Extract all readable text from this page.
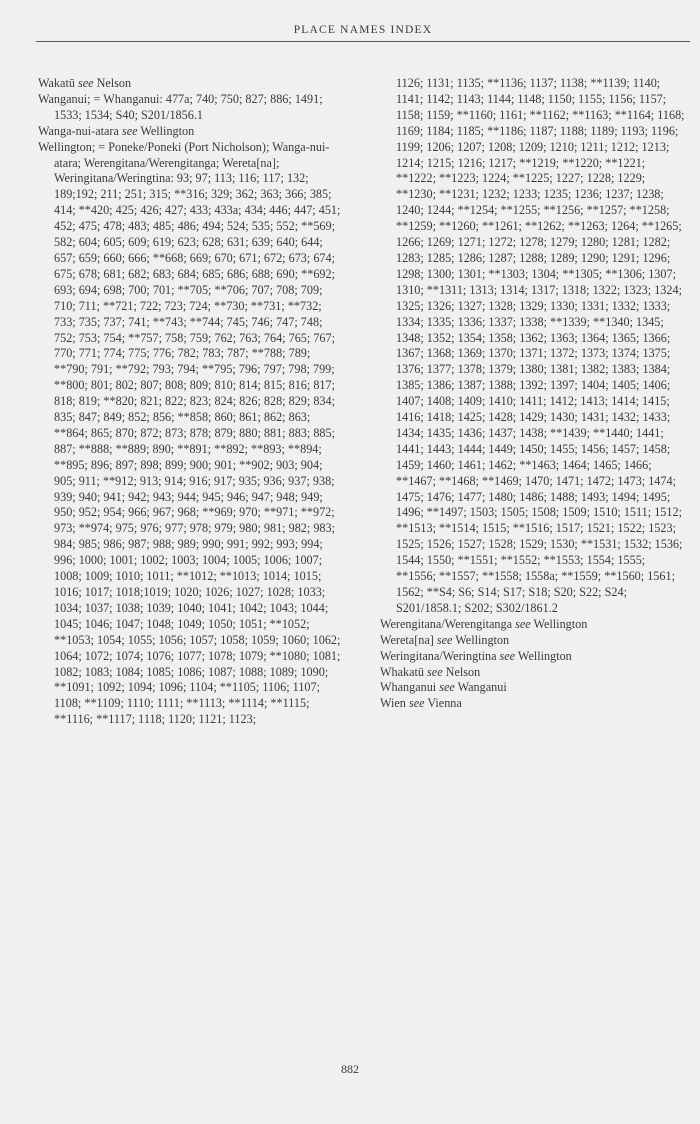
PLACE NAMES INDEX

Wakatū see Nelson

Wanganui; = Whanganui: 477a; 740; 750; 827; 886; 1491; 1533; 1534; S40; S201/1856.1

Wanga-nui-atara see Wellington

Wellington; = Poneke/Poneki (Port Nicholson); Wanga-nui-atara; Werengitana/Werengitanga; Wereta[na]; Weringitana/Weringtina: 93; 97; 113; 116; 117; 132; 189;192; 211; 251; 315; **316; 329; 362; 363; 366; 385; 414; **420; 425; 426; 427; 433; 433a; 434; 446; 447; 451; 452; 475; 478; 483; 485; 486; 494; 524; 535; 552; **569; 582; 604; 605; 609; 619; 623; 628; 631; 639; 640; 644; 657; 659; 660; 666; **668; 669; 670; 671; 672; 673; 674; 675; 678; 681; 682; 683; 684; 685; 686; 688; 690; **692; 693; 694; 698; 700; 701; **705; **706; 707; 708; 709; 710; 711; **721; 722; 723; 724; **730; **731; **732; 733; 735; 737; 741; **743; **744; 745; 746; 747; 748; 752; 753; 754; **757; 758; 759; 762; 763; 764; 765; 767; 770; 771; 774; 775; 776; 782; 783; 787; **788; 789; **790; 791; **792; 793; 794; **795; 796; 797; 798; 799; **800; 801; 802; 807; 808; 809; 810; 814; 815; 816; 817; 818; 819; **820; 821; 822; 823; 824; 826; 828; 829; 834; 835; 847; 849; 852; 856; **858; 860; 861; 862; 863; **864; 865; 870; 872; 873; 878; 879; 880; 881; 883; 885; 887; **888; **889; 890; **891; **892; **893; **894; **895; 896; 897; 898; 899; 900; 901; **902; 903; 904; 905; 911; **912; 913; 914; 916; 917; 935; 936; 937; 938; 939; 940; 941; 942; 943; 944; 945; 946; 947; 948; 949; 950; 952; 954; 966; 967; 968; **969; 970; **971; **972; 973; **974; 975; 976; 977; 978; 979; 980; 981; 982; 983; 984; 985; 986; 987; 988; 989; 990; 991; 992; 993; 994; 996; 1000; 1001; 1002; 1003; 1004; 1005; 1006; 1007; 1008; 1009; 1010; 1011; **1012; **1013; 1014; 1015; 1016; 1017; 1018;1019; 1020; 1026; 1027; 1028; 1033; 1034; 1037; 1038; 1039; 1040; 1041; 1042; 1043; 1044; 1045; 1046; 1047; 1048; 1049; 1050; 1051; **1052; **1053; 1054; 1055; 1056; 1057; 1058; 1059; 1060; 1062; 1064; 1072; 1074; 1076; 1077; 1078; 1079; **1080; 1081; 1082; 1083; 1084; 1085; 1086; 1087; 1088; 1089; 1090; **1091; 1092; 1094; 1096; 1104; **1105; 1106; 1107; 1108; **1109; 1110; 1111; **1113; **1114; **1115; **1116; **1117; 1118; 1120; 1121; 1123;

1126; 1131; 1135; **1136; 1137; 1138; **1139; 1140; 1141; 1142; 1143; 1144; 1148; 1150; 1155; 1156; 1157; 1158; 1159; **1160; 1161; **1162; **1163; **1164; 1168; 1169; 1184; 1185; **1186; 1187; 1188; 1189; 1193; 1196; 1199; 1206; 1207; 1208; 1209; 1210; 1211; 1212; 1213; 1214; 1215; 1216; 1217; **1219; **1220; **1221; **1222; **1223; 1224; **1225; 1227; 1228; 1229; **1230; **1231; 1232; 1233; 1235; 1236; 1237; 1238; 1240; 1244; **1254; **1255; **1256; **1257; **1258; **1259; **1260; **1261; **1262; **1263; 1264; **1265; 1266; 1269; 1271; 1272; 1278; 1279; 1280; 1281; 1282; 1283; 1285; 1286; 1287; 1288; 1289; 1290; 1291; 1296; 1298; 1300; 1301; **1303; 1304; **1305; **1306; 1307; 1310; **1311; 1313; 1314; 1317; 1318; 1322; 1323; 1324; 1325; 1326; 1327; 1328; 1329; 1330; 1331; 1332; 1333; 1334; 1335; 1336; 1337; 1338; **1339; **1340; 1345; 1348; 1352; 1354; 1358; 1362; 1363; 1364; 1365; 1366; 1367; 1368; 1369; 1370; 1371; 1372; 1373; 1374; 1375; 1376; 1377; 1378; 1379; 1380; 1381; 1382; 1383; 1384; 1385; 1386; 1387; 1388; 1392; 1397; 1404; 1405; 1406; 1407; 1408; 1409; 1410; 1411; 1412; 1413; 1414; 1415; 1416; 1418; 1425; 1428; 1429; 1430; 1431; 1432; 1433; 1434; 1435; 1436; 1437; 1438; **1439; **1440; 1441; 1441; 1443; 1444; 1449; 1450; 1455; 1456; 1457; 1458; 1459; 1460; 1461; 1462; **1463; 1464; 1465; 1466; **1467; **1468; **1469; 1470; 1471; 1472; 1473; 1474; 1475; 1476; 1477; 1480; 1486; 1488; 1493; 1494; 1495; 1496; **1497; 1503; 1505; 1508; 1509; 1510; 1511; 1512; **1513; **1514; 1515; **1516; 1517; 1521; 1522; 1523; 1525; 1526; 1527; 1528; 1529; 1530; **1531; 1532; 1536; 1544; 1550; **1551; **1552; **1553; 1554; 1555; **1556; **1557; **1558; 1558a; **1559; **1560; 1561; 1562; **S4; S6; S14; S17; S18; S20; S22; S24; S201/1858.1; S202; S302/1861.2

Werengitana/Werengitanga see Wellington

Wereta[na] see Wellington

Weringitana/Weringtina see Wellington

Whakatū see Nelson

Whanganui see Wanganui

Wien see Vienna

882
